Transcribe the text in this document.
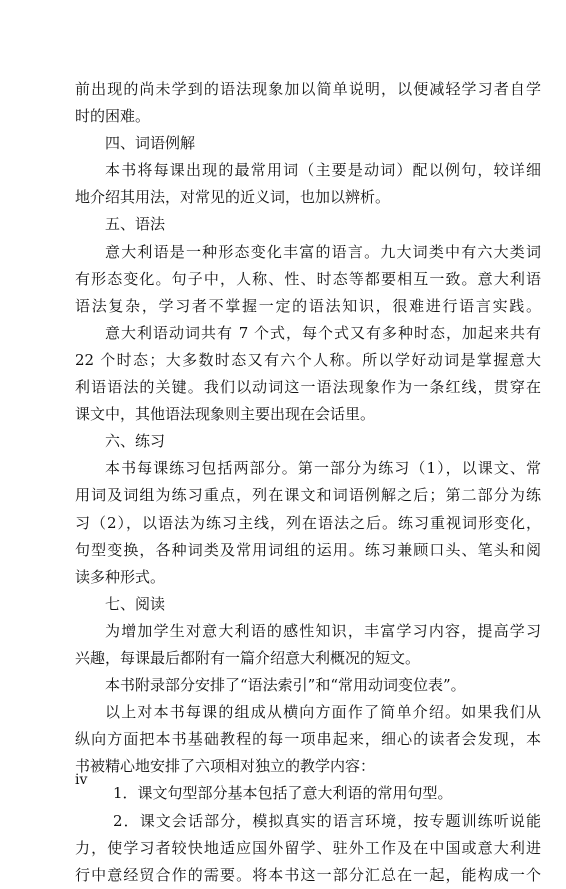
前出现的尚未学到的语法现象加以简单说明，以便减轻学习者自学
时的困难。
四、词语例解
本书将每课出现的最常用词（主要是动词）配以例句，较详细
地介绍其用法，对常见的近义词，也加以辨析。
五、语法
意大利语是一种形态变化丰富的语言。九大词类中有六大类词
有形态变化。句子中，人称、性、时态等都要相互一致。意大利语
语法复杂，学习者不掌握一定的语法知识，很难进行语言实践。
意大利语动词共有 7 个式，每个式又有多种时态，加起来共有
22 个时态；大多数时态又有六个人称。所以学好动词是掌握意大
利语语法的关键。我们以动词这一语法现象作为一条红线，贯穿在
课文中，其他语法现象则主要出现在会话里。
六、练习
本书每课练习包括两部分。第一部分为练习（1），以课文、常
用词及词组为练习重点，列在课文和词语例解之后；第二部分为练
习（2），以语法为练习主线，列在语法之后。练习重视词形变化，
句型变换，各种词类及常用词组的运用。练习兼顾口头、笔头和阅
读多种形式。
七、阅读
为增加学生对意大利语的感性知识，丰富学习内容，提高学习
兴趣，每课最后都附有一篇介绍意大利概况的短文。
本书附录部分安排了“语法索引”和“常用动词变位表”。
以上对本书每课的组成从横向方面作了简单介绍。如果我们从
纵向方面把本书基础教程的每一项串起来，细心的读者会发现，本
书被精心地安排了六项相对独立的教学内容：
1．课文句型部分基本包括了意大利语的常用句型。
2．课文会话部分，模拟真实的语言环境，按专题训练听说能
力，使学习者较快地适应国外留学、驻外工作及在中国或意大利进
行中意经贸合作的需要。将本书这一部分汇总在一起，能构成一个
iv
